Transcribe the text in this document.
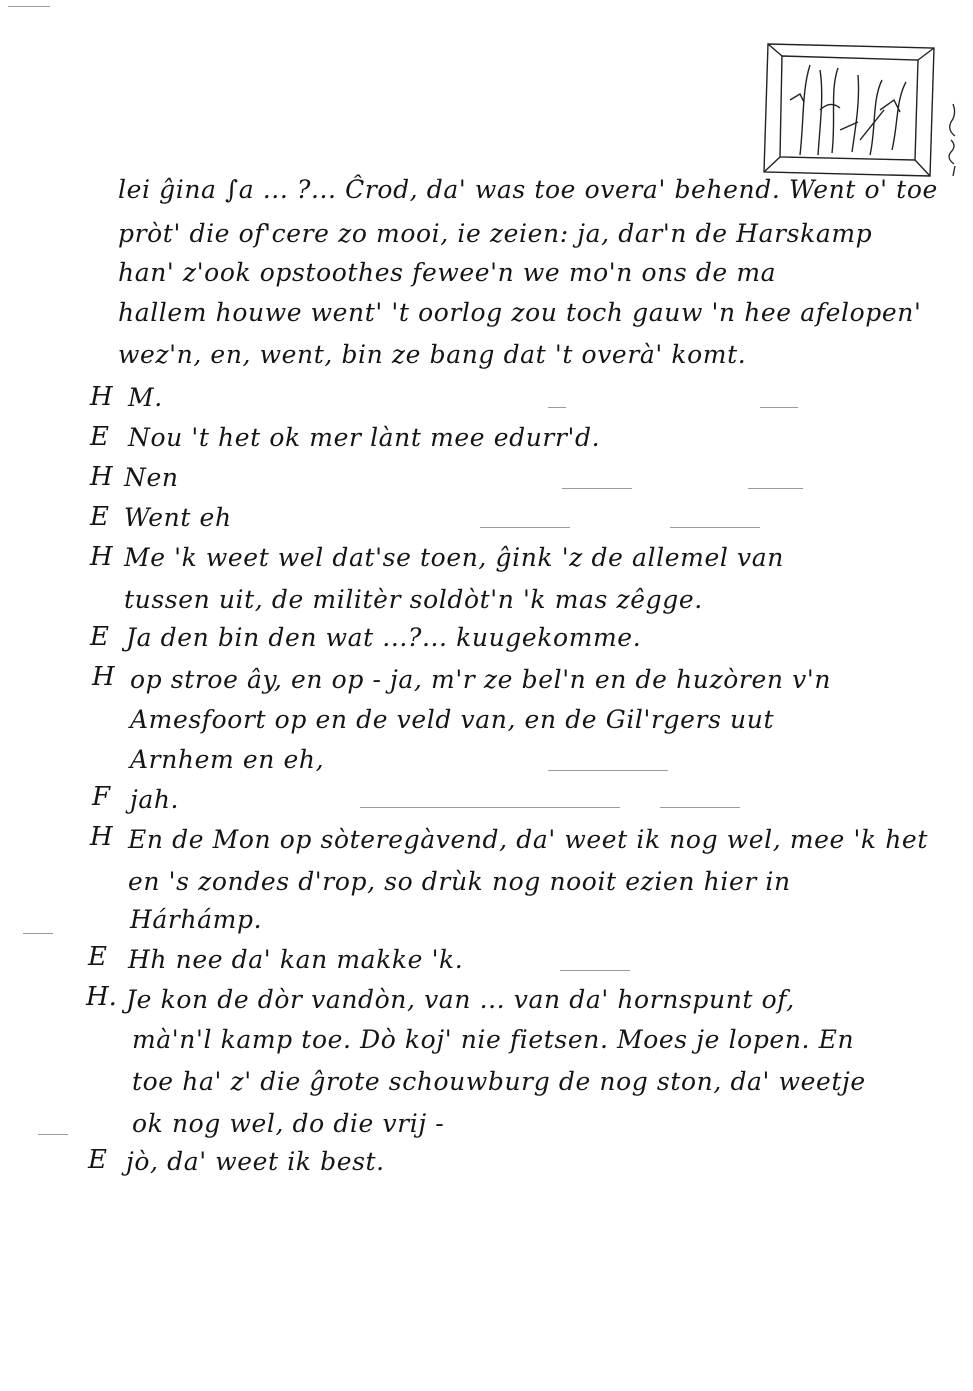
H
E
H
E
H
E
H
F
H
E
H.
E
lei ĝina ∫a ... ?... Ĉrod, da' was toe overa' behend. Went o' toe
pròt' die of'cere zo mooi, ie zeien: ja, dar'n de Harskamp
han' z'ook opstoothes fewee'n we mo'n ons de ma
hallem houwe went' 't oorlog zou toch gauw 'n hee afelopen'
wez'n, en, went, bin ze bang dat 't overà' komt.
M.
Nou 't het ok mer lànt mee edurr'd.
Nen
Went eh
Me 'k weet wel dat'se toen, ĝink 'z de allemel van
tussen uit, de militèr soldòt'n 'k mas zêgge.
Ja den bin den wat ...?... kuugekomme.
op stroe ây, en op - ja, m'r ze bel'n en de huzòren v'n
Amesfoort op en de veld van, en de Gil'rgers uut
Arnhem en eh,
jah.
En de Mon op sòteregàvend, da' weet ik nog wel, mee 'k het
en 's zondes d'rop, so drùk nog nooit ezien hier in
Hárhámp.
Hh nee da' kan makke 'k.
Je kon de dòr vandòn, van ... van da' hornspunt of,
mà'n'l kamp toe. Dò koj' nie fietsen. Moes je lopen. En
toe ha' z' die ĝrote schouwburg de nog ston, da' weetje
ok nog wel, do die vrij -
jò, da' weet ik best.
